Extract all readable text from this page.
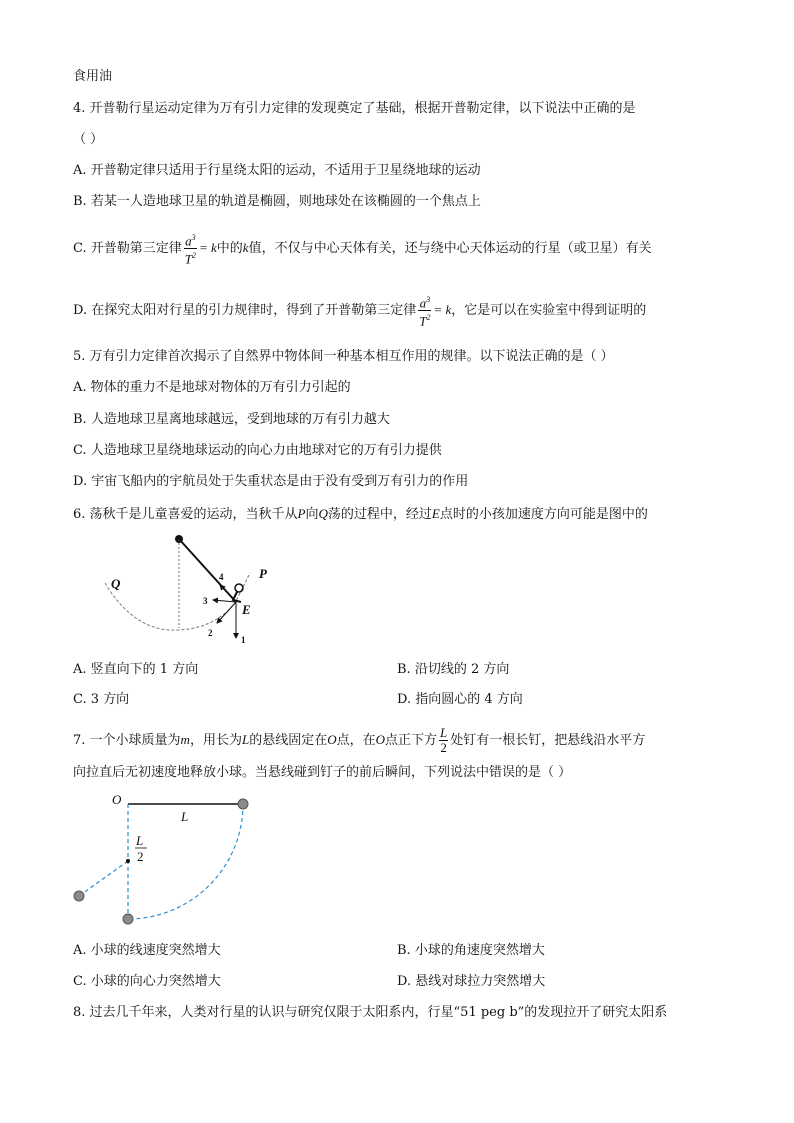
食用油
4. 开普勒行星运动定律为万有引力定律的发现奠定了基础，根据开普勒定律，以下说法中正确的是
（ ）
A. 开普勒定律只适用于行星绕太阳的运动，不适用于卫星绕地球的运动
B. 若某一人造地球卫星的轨道是椭圆，则地球处在该椭圆的一个焦点上
C. 开普勒第三定律 $\frac{a^3}{T^2} = k$中的k值，不仅与中心天体有关，还与绕中心天体运动的行星（或卫星）有关
D. 在探究太阳对行星的引力规律时，得到了开普勒第三定律 $\frac{a^3}{T^2} = k$，它是可以在实验室中得到证明的
5. 万有引力定律首次揭示了自然界中物体间一种基本相互作用的规律。以下说法正确的是（ ）
A. 物体的重力不是地球对物体的万有引力引起的
B. 人造地球卫星离地球越远，受到地球的万有引力越大
C. 人造地球卫星绕地球运动的向心力由地球对它的万有引力提供
D. 宇宙飞船内的宇航员处于失重状态是由于没有受到万有引力的作用
6. 荡秋千是儿童喜爱的运动，当秋千从P向Q荡的过程中，经过E点时的小孩加速度方向可能是图中的
Q
P
E
1
2
3
4
A. 竖直向下的 1 方向	B. 沿切线的 2 方向
C. 3 方向	D. 指向圆心的 4 方向
7. 一个小球质量为m，用长为L的悬线固定在O点，在O点正下方 $\frac{L}{2}$ 处钉有一根长钉，把悬线沿水平方
向拉直后无初速度地释放小球。当悬线碰到钉子的前后瞬间，下列说法中错误的是（ ）
O
L
L
2
A. 小球的线速度突然增大	B. 小球的角速度突然增大
C. 小球的向心力突然增大	D. 悬线对球拉力突然增大
8. 过去几千年来，人类对行星的认识与研究仅限于太阳系内，行星“51 peg b”的发现拉开了研究太阳系
